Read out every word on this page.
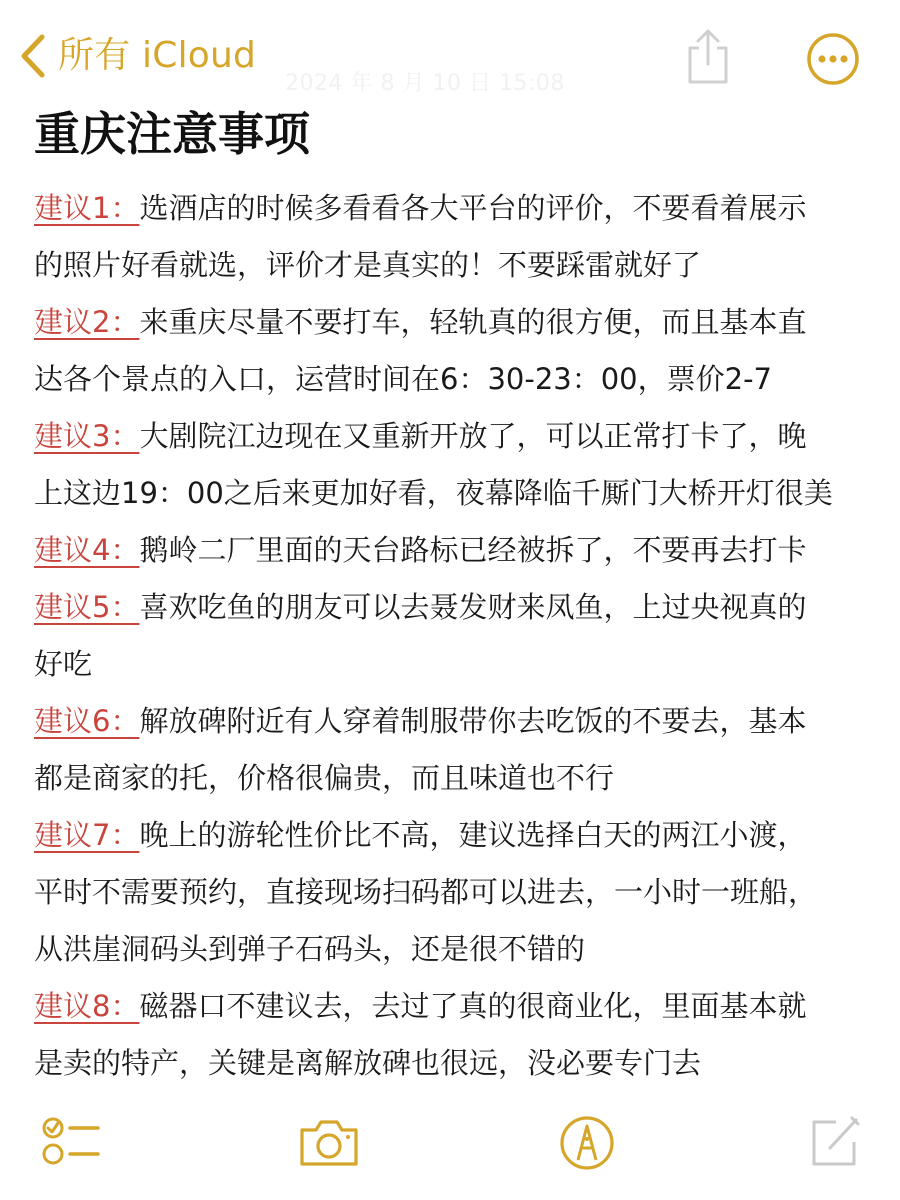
所有 iCloud
2024 年 8 月 10 日 15:08
重庆注意事项
建议1：选酒店的时候多看看各大平台的评价，不要看着展示
的照片好看就选，评价才是真实的！不要踩雷就好了
建议2：来重庆尽量不要打车，轻轨真的很方便，而且基本直
达各个景点的入口，运营时间在6：30-23：00，票价2-7
建议3：大剧院江边现在又重新开放了，可以正常打卡了，晚
上这边19：00之后来更加好看，夜幕降临千厮门大桥开灯很美
建议4：鹅岭二厂里面的天台路标已经被拆了，不要再去打卡
建议5：喜欢吃鱼的朋友可以去聂发财来凤鱼，上过央视真的
好吃
建议6：解放碑附近有人穿着制服带你去吃饭的不要去，基本
都是商家的托，价格很偏贵，而且味道也不行
建议7：晚上的游轮性价比不高，建议选择白天的两江小渡，
平时不需要预约，直接现场扫码都可以进去，一小时一班船，
从洪崖洞码头到弹子石码头，还是很不错的
建议8：磁器口不建议去，去过了真的很商业化，里面基本就
是卖的特产，关键是离解放碑也很远，没必要专门去
